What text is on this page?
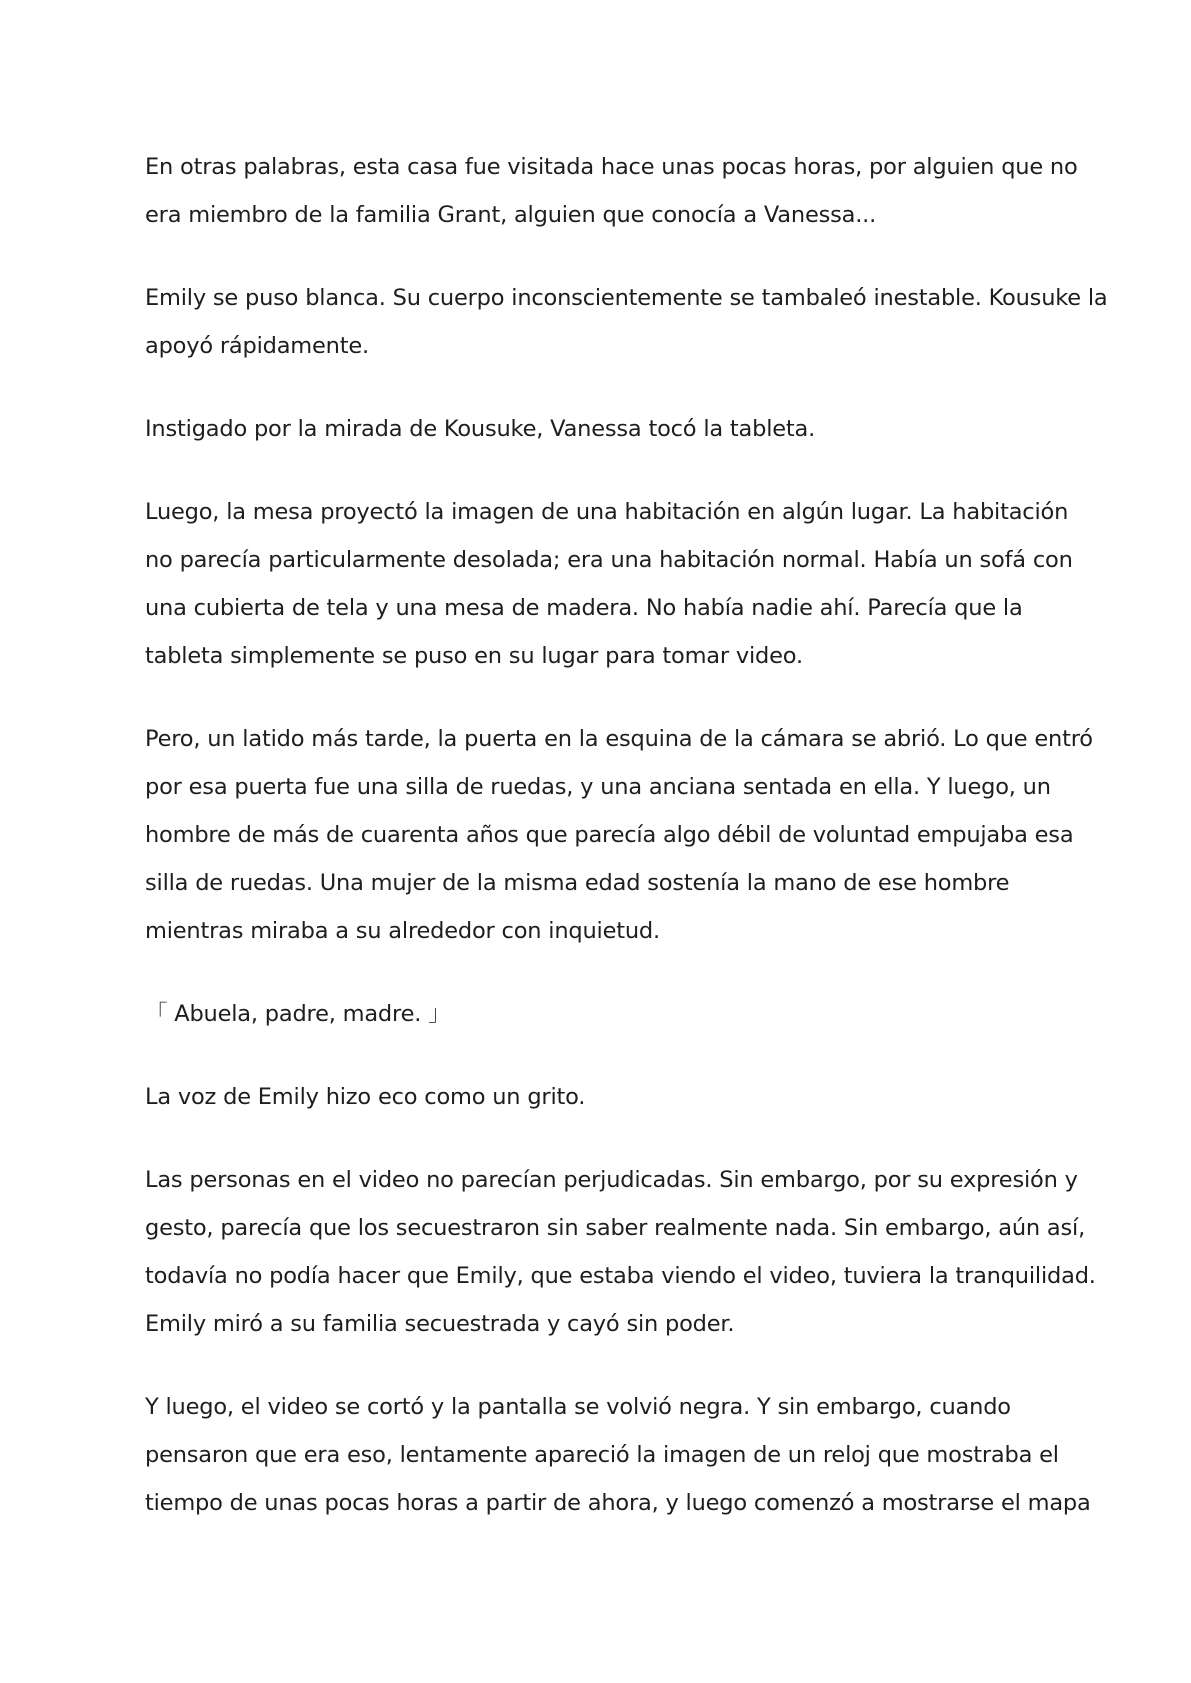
En otras palabras, esta casa fue visitada hace unas pocas horas, por alguien que no
era miembro de la familia Grant, alguien que conocía a Vanessa...

Emily se puso blanca. Su cuerpo inconscientemente se tambaleó inestable. Kousuke la
apoyó rápidamente.

Instigado por la mirada de Kousuke, Vanessa tocó la tableta.

Luego, la mesa proyectó la imagen de una habitación en algún lugar. La habitación
no parecía particularmente desolada; era una habitación normal. Había un sofá con
una cubierta de tela y una mesa de madera. No había nadie ahí. Parecía que la
tableta simplemente se puso en su lugar para tomar video.

Pero, un latido más tarde, la puerta en la esquina de la cámara se abrió. Lo que entró
por esa puerta fue una silla de ruedas, y una anciana sentada en ella. Y luego, un
hombre de más de cuarenta años que parecía algo débil de voluntad empujaba esa
silla de ruedas. Una mujer de la misma edad sostenía la mano de ese hombre
mientras miraba a su alrededor con inquietud.

「 Abuela, padre, madre. 」

La voz de Emily hizo eco como un grito.

Las personas en el video no parecían perjudicadas. Sin embargo, por su expresión y
gesto, parecía que los secuestraron sin saber realmente nada. Sin embargo, aún así,
todavía no podía hacer que Emily, que estaba viendo el video, tuviera la tranquilidad.
Emily miró a su familia secuestrada y cayó sin poder.

Y luego, el video se cortó y la pantalla se volvió negra. Y sin embargo, cuando
pensaron que era eso, lentamente apareció la imagen de un reloj que mostraba el
tiempo de unas pocas horas a partir de ahora, y luego comenzó a mostrarse el mapa
